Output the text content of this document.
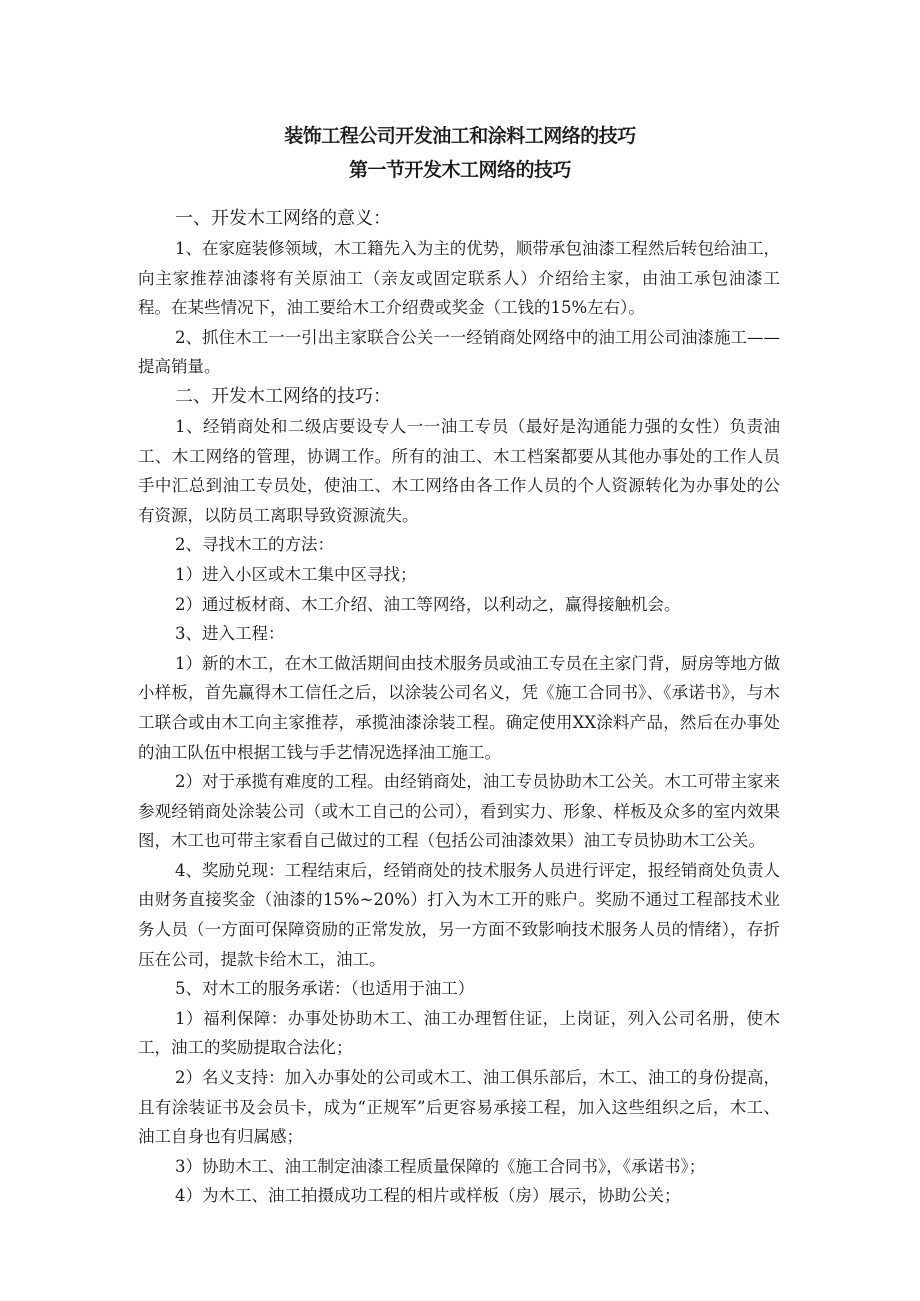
装饰工程公司开发油工和涂料工网络的技巧
第一节开发木工网络的技巧

一、开发木工网络的意义：

1、在家庭装修领域，木工籍先入为主的优势，顺带承包油漆工程然后转包给油工，向主家推荐油漆将有关原油工（亲友或固定联系人）介绍给主家，由油工承包油漆工程。在某些情况下，油工要给木工介绍费或奖金（工钱的15%左右）。

2、抓住木工一一引出主家联合公关一一经销商处网络中的油工用公司油漆施工——提高销量。

二、开发木工网络的技巧：

1、经销商处和二级店要设专人一一油工专员（最好是沟通能力强的女性）负责油工、木工网络的管理，协调工作。所有的油工、木工档案都要从其他办事处的工作人员手中汇总到油工专员处，使油工、木工网络由各工作人员的个人资源转化为办事处的公有资源，以防员工离职导致资源流失。

2、寻找木工的方法：

1）进入小区或木工集中区寻找；

2）通过板材商、木工介绍、油工等网络，以利动之，赢得接触机会。

3、进入工程：

1）新的木工，在木工做活期间由技术服务员或油工专员在主家门背，厨房等地方做小样板，首先赢得木工信任之后，以涂装公司名义，凭《施工合同书》、《承诺书》，与木工联合或由木工向主家推荐，承揽油漆涂装工程。确定使用XX涂料产品，然后在办事处的油工队伍中根据工钱与手艺情况选择油工施工。

2）对于承揽有难度的工程。由经销商处，油工专员协助木工公关。木工可带主家来参观经销商处涂装公司（或木工自己的公司），看到实力、形象、样板及众多的室内效果图，木工也可带主家看自己做过的工程（包括公司油漆效果）油工专员协助木工公关。

4、奖励兑现：工程结束后，经销商处的技术服务人员进行评定，报经销商处负责人由财务直接奖金（油漆的15%~20%）打入为木工开的账户。奖励不通过工程部技术业务人员（一方面可保障资励的正常发放，另一方面不致影响技术服务人员的情绪），存折压在公司，提款卡给木工，油工。

5、对木工的服务承诺：（也适用于油工）

1）福利保障：办事处协助木工、油工办理暂住证，上岗证，列入公司名册，使木工，油工的奖励提取合法化；

2）名义支持：加入办事处的公司或木工、油工俱乐部后，木工、油工的身份提高，且有涂装证书及会员卡，成为“正规军”后更容易承接工程，加入这些组织之后，木工、油工自身也有归属感；

3）协助木工、油工制定油漆工程质量保障的《施工合同书》，《承诺书》；

4）为木工、油工拍摄成功工程的相片或样板（房）展示，协助公关；
